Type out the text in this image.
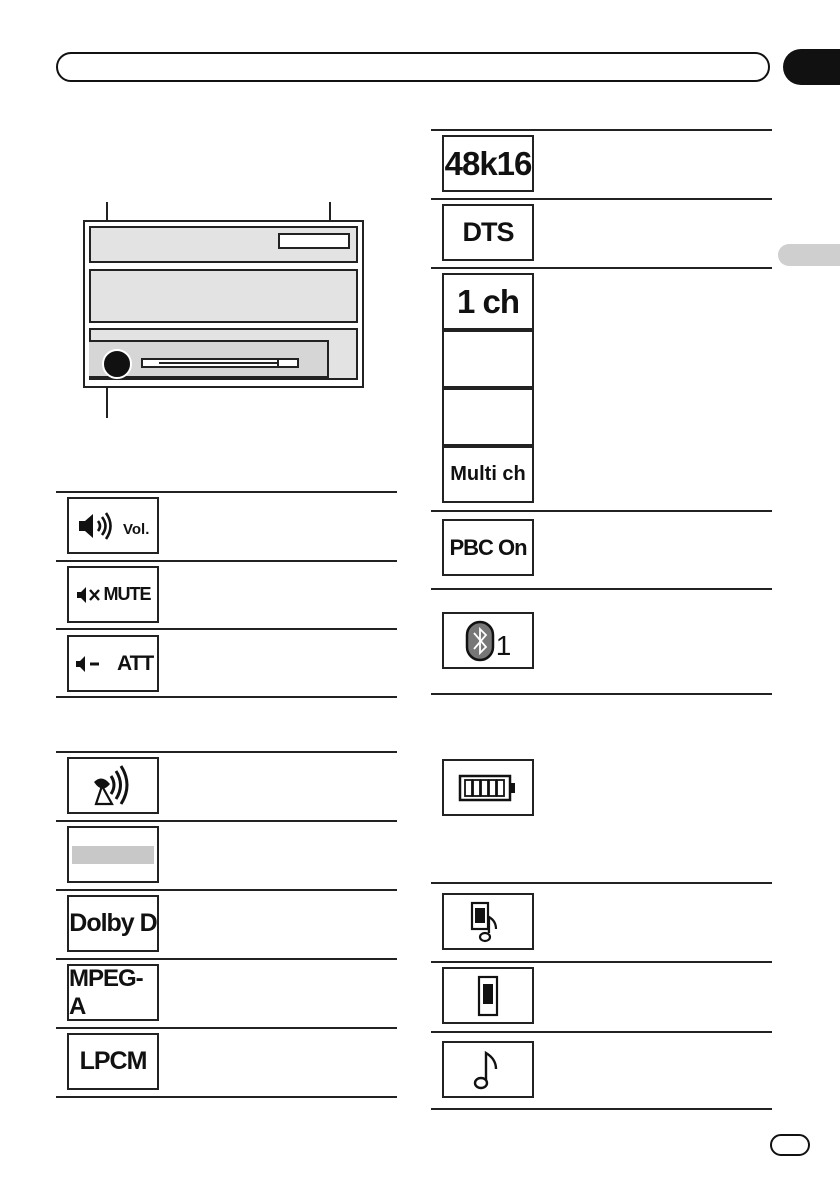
Vol.
MUTE
ATT
Dolby D
MPEG-A
LPCM
48k16
DTS
1 ch
Multi ch
PBC On
1
